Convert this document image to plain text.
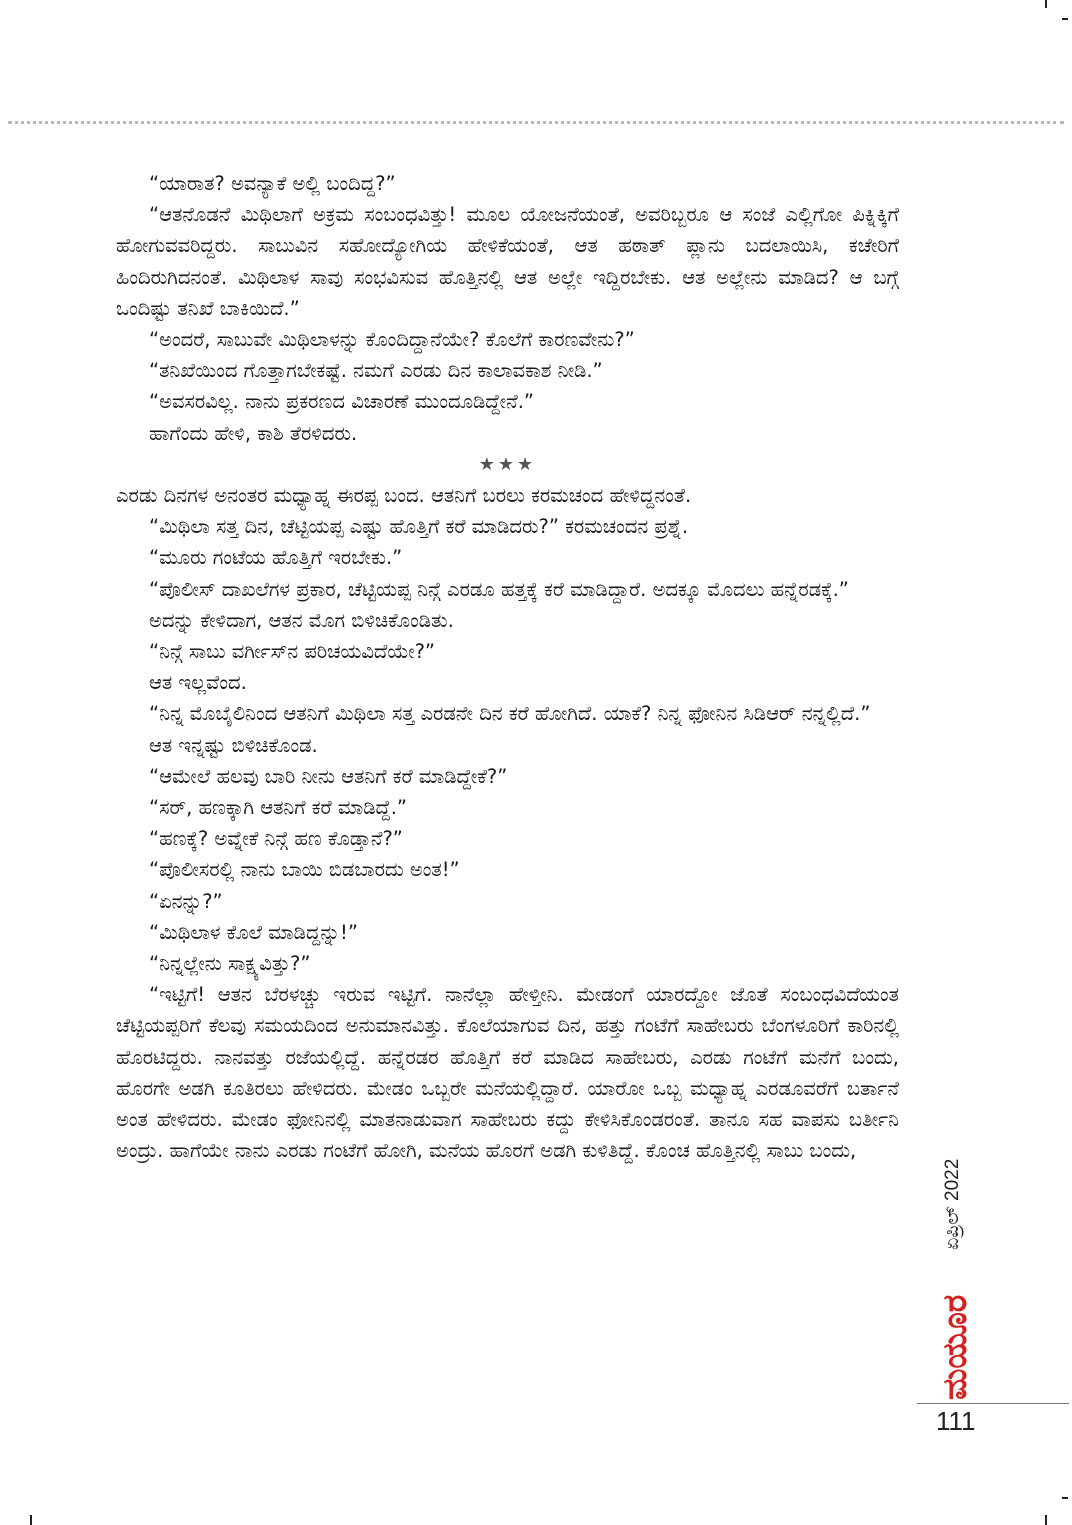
“ಯಾರಾತ? ಅವನ್ಯಾಕೆ ಅಲ್ಲಿ ಬಂದಿದ್ದ?”

“ಆತನೊಡನೆ ಮಿಥಿಲಾಗೆ ಅಕ್ರಮ ಸಂಬಂಧವಿತ್ತು! ಮೂಲ ಯೋಜನೆಯಂತೆ, ಅವರಿಬ್ಬರೂ ಆ ಸಂಜೆ ಎಲ್ಲಿಗೋ ಪಿಕ್ನಿಕ್ಕಿಗೆ ಹೋಗುವವರಿದ್ದರು. ಸಾಬುವಿನ ಸಹೋದ್ಯೋಗಿಯ ಹೇಳಿಕೆಯಂತೆ, ಆತ ಹಠಾತ್ ಪ್ಲಾನು ಬದಲಾಯಿಸಿ, ಕಚೇರಿಗೆ ಹಿಂದಿರುಗಿದನಂತೆ. ಮಿಥಿಲಾಳ ಸಾವು ಸಂಭವಿಸುವ ಹೊತ್ತಿನಲ್ಲಿ ಆತ ಅಲ್ಲೇ ಇದ್ದಿರಬೇಕು. ಆತ ಅಲ್ಲೇನು ಮಾಡಿದ? ಆ ಬಗ್ಗೆ ಒಂದಿಷ್ಟು ತನಿಖೆ ಬಾಕಿಯಿದೆ.”

“ಅಂದರೆ, ಸಾಬುವೇ ಮಿಥಿಲಾಳನ್ನು ಕೊಂದಿದ್ದಾನೆಯೇ? ಕೊಲೆಗೆ ಕಾರಣವೇನು?”

“ತನಿಖೆಯಿಂದ ಗೊತ್ತಾಗಬೇಕಷ್ಟೆ. ನಮಗೆ ಎರಡು ದಿನ ಕಾಲಾವಕಾಶ ನೀಡಿ.”

“ಅವಸರವಿಲ್ಲ. ನಾನು ಪ್ರಕರಣದ ವಿಚಾರಣೆ ಮುಂದೂಡಿದ್ದೇನೆ.”

ಹಾಗೆಂದು ಹೇಳಿ, ಕಾಶಿ ತೆರಳಿದರು.

★★★

ಎರಡು ದಿನಗಳ ಅನಂತರ ಮಧ್ಯಾಹ್ನ ಈರಪ್ಪ ಬಂದ. ಆತನಿಗೆ ಬರಲು ಕರಮಚಂದ ಹೇಳಿದ್ದನಂತೆ.

“ಮಿಥಿಲಾ ಸತ್ತ ದಿನ, ಚೆಟ್ಟಿಯಪ್ಪ ಎಷ್ಟು ಹೊತ್ತಿಗೆ ಕರೆ ಮಾಡಿದರು?” ಕರಮಚಂದನ ಪ್ರಶ್ನೆ.

“ಮೂರು ಗಂಟೆಯ ಹೊತ್ತಿಗೆ ಇರಬೇಕು.”

“ಪೊಲೀಸ್ ದಾಖಲೆಗಳ ಪ್ರಕಾರ, ಚೆಟ್ಟಿಯಪ್ಪ ನಿನ್ಗೆ ಎರಡೂ ಹತ್ತಕ್ಕೆ ಕರೆ ಮಾಡಿದ್ದಾರೆ. ಅದಕ್ಕೂ ಮೊದಲು ಹನ್ನೆರಡಕ್ಕೆ.”

ಅದನ್ನು ಕೇಳಿದಾಗ, ಆತನ ಮೊಗ ಬಿಳಿಚಿಕೊಂಡಿತು.

“ನಿನ್ಗೆ ಸಾಬು ವರ್ಗೀಸ್‌ನ ಪರಿಚಯವಿದೆಯೇ?”

ಆತ ಇಲ್ಲವೆಂದ.

“ನಿನ್ನ ಮೊಬೈಲಿನಿಂದ ಆತನಿಗೆ ಮಿಥಿಲಾ ಸತ್ತ ಎರಡನೇ ದಿನ ಕರೆ ಹೋಗಿದೆ. ಯಾಕೆ? ನಿನ್ನ ಫೋನಿನ ಸಿಡಿಆರ್ ನನ್ನಲ್ಲಿದೆ.”

ಆತ ಇನ್ನಷ್ಟು ಬಿಳಿಚಿಕೊಂಡ.

“ಆಮೇಲೆ ಹಲವು ಬಾರಿ ನೀನು ಆತನಿಗೆ ಕರೆ ಮಾಡಿದ್ದೇಕೆ?”

“ಸರ್, ಹಣಕ್ಕಾಗಿ ಆತನಿಗೆ ಕರೆ ಮಾಡಿದ್ದೆ.”

“ಹಣಕ್ಕೆ? ಅವ್ನೇಕೆ ನಿನ್ಗೆ ಹಣ ಕೊಡ್ತಾನೆ?”

“ಪೊಲೀಸರಲ್ಲಿ ನಾನು ಬಾಯಿ ಬಿಡಬಾರದು ಅಂತ!”

“ಏನನ್ನು?”

“ಮಿಥಿಲಾಳ ಕೊಲೆ ಮಾಡಿದ್ದನ್ನು!”

“ನಿನ್ನಲ್ಲೇನು ಸಾಕ್ಷ್ಯವಿತ್ತು?”

“ಇಟ್ಟಿಗೆ! ಆತನ ಬೆರಳಚ್ಚು ಇರುವ ಇಟ್ಟಿಗೆ. ನಾನೆಲ್ಲಾ ಹೇಳ್ತೀನಿ. ಮೇಡಂಗೆ ಯಾರದ್ದೋ ಜೊತೆ ಸಂಬಂಧವಿದೆಯಂತ ಚೆಟ್ಟಿಯಪ್ಪರಿಗೆ ಕೆಲವು ಸಮಯದಿಂದ ಅನುಮಾನವಿತ್ತು. ಕೊಲೆಯಾಗುವ ದಿನ, ಹತ್ತು ಗಂಟೆಗೆ ಸಾಹೇಬರು ಬೆಂಗಳೂರಿಗೆ ಕಾರಿನಲ್ಲಿ ಹೊರಟಿದ್ದರು. ನಾನವತ್ತು ರಜೆಯಲ್ಲಿದ್ದೆ. ಹನ್ನೆರಡರ ಹೊತ್ತಿಗೆ ಕರೆ ಮಾಡಿದ ಸಾಹೇಬರು, ಎರಡು ಗಂಟೆಗೆ ಮನೆಗೆ ಬಂದು, ಹೊರಗೇ ಅಡಗಿ ಕೂತಿರಲು ಹೇಳಿದರು. ಮೇಡಂ ಒಬ್ಬರೇ ಮನೆಯಲ್ಲಿದ್ದಾರೆ. ಯಾರೋ ಒಬ್ಬ ಮಧ್ಯಾಹ್ನ ಎರಡೂವರೆಗೆ ಬರ್ತಾನೆ ಅಂತ ಹೇಳಿದರು. ಮೇಡಂ ಫೋನಿನಲ್ಲಿ ಮಾತನಾಡುವಾಗ ಸಾಹೇಬರು ಕದ್ದು ಕೇಳಿಸಿಕೊಂಡರಂತೆ. ತಾನೂ ಸಹ ವಾಪಸು ಬರ್ತೀನಿ ಅಂದ್ರು. ಹಾಗೆಯೇ ನಾನು ಎರಡು ಗಂಟೆಗೆ ಹೋಗಿ, ಮನೆಯ ಹೊರಗೆ ಅಡಗಿ ಕುಳಿತಿದ್ದೆ. ಕೊಂಚ ಹೊತ್ತಿನಲ್ಲಿ ಸಾಬು ಬಂದು,

ಏಪ್ರಿಲ್ 2022
ಮಯೂರ
111
